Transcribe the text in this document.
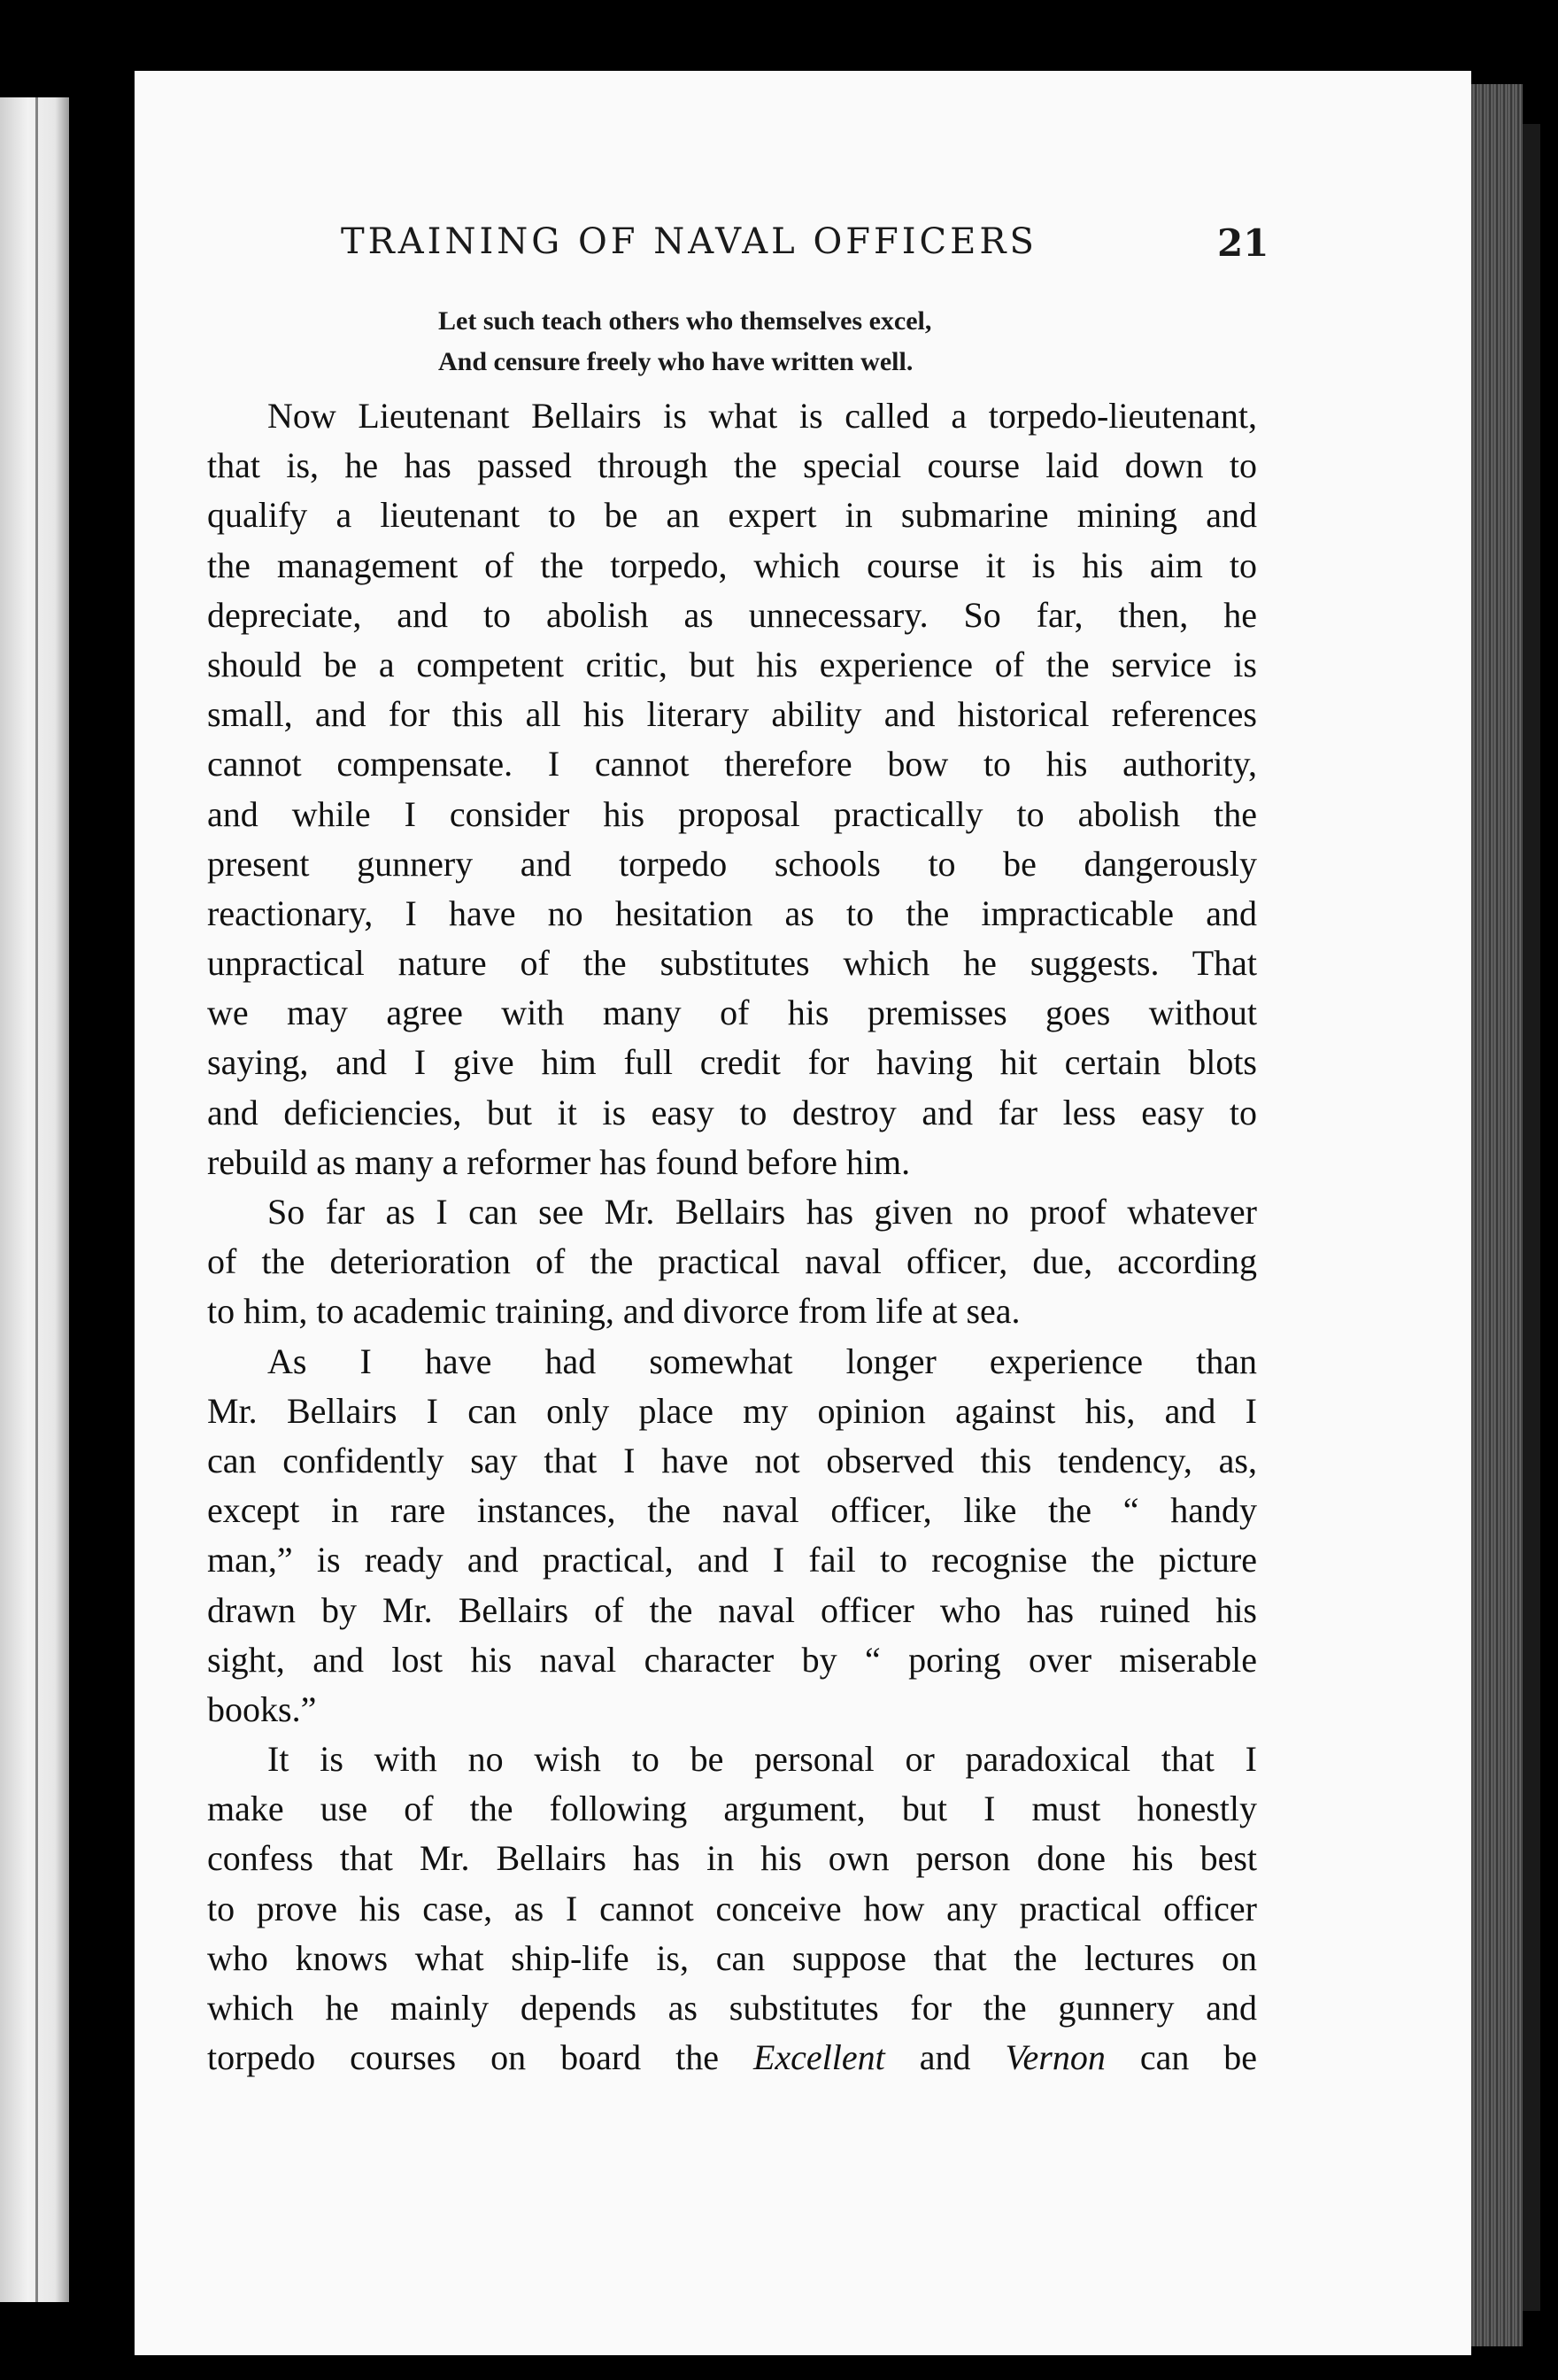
TRAINING OF NAVAL OFFICERS	21
Let such teach others who themselves excel,
And censure freely who have written well.
Now Lieutenant Bellairs is what is called a torpedo-lieutenant,
that is, he has passed through the special course laid down to
qualify a lieutenant to be an expert in submarine mining and
the management of the torpedo, which course it is his aim to
depreciate, and to abolish as unnecessary. So far, then, he
should be a competent critic, but his experience of the service is
small, and for this all his literary ability and historical references
cannot compensate. I cannot therefore bow to his authority,
and while I consider his proposal practically to abolish the
present gunnery and torpedo schools to be dangerously
reactionary, I have no hesitation as to the impracticable and
unpractical nature of the substitutes which he suggests. That
we may agree with many of his premisses goes without
saying, and I give him full credit for having hit certain blots
and deficiencies, but it is easy to destroy and far less easy to
rebuild as many a reformer has found before him.
So far as I can see Mr. Bellairs has given no proof whatever
of the deterioration of the practical naval officer, due, according
to him, to academic training, and divorce from life at sea.
As I have had somewhat longer experience than
Mr. Bellairs I can only place my opinion against his, and I
can confidently say that I have not observed this tendency, as,
except in rare instances, the naval officer, like the “ handy
man,” is ready and practical, and I fail to recognise the picture
drawn by Mr. Bellairs of the naval officer who has ruined his
sight, and lost his naval character by “ poring over miserable
books.”
It is with no wish to be personal or paradoxical that I
make use of the following argument, but I must honestly
confess that Mr. Bellairs has in his own person done his best
to prove his case, as I cannot conceive how any practical officer
who knows what ship-life is, can suppose that the lectures on
which he mainly depends as substitutes for the gunnery and
torpedo courses on board the Excellent and Vernon can be
